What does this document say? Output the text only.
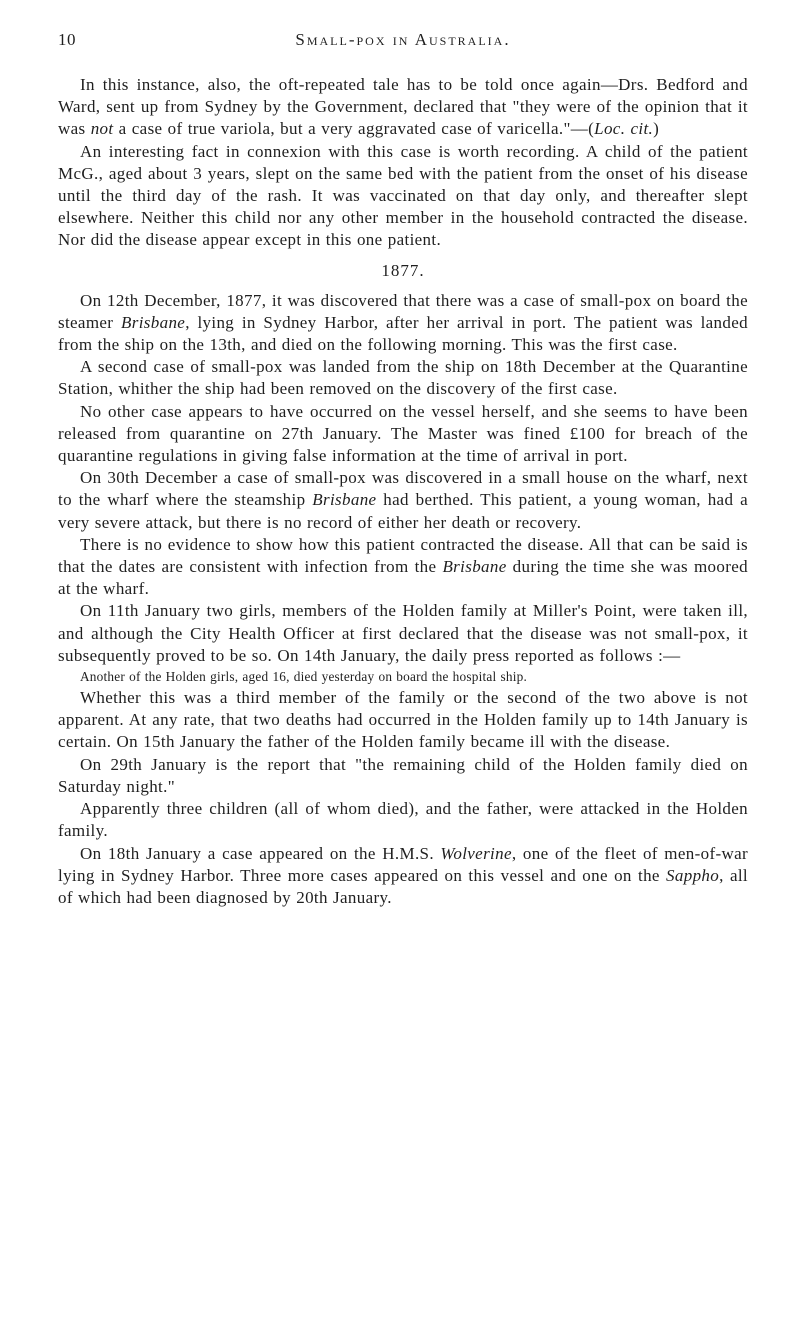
10	Small-pox in Australia.

In this instance, also, the oft-repeated tale has to be told once again—Drs. Bedford and Ward, sent up from Sydney by the Government, declared that "they were of the opinion that it was not a case of true variola, but a very aggravated case of varicella."—(Loc. cit.)

An interesting fact in connexion with this case is worth recording. A child of the patient McG., aged about 3 years, slept on the same bed with the patient from the onset of his disease until the third day of the rash. It was vaccinated on that day only, and thereafter slept elsewhere. Neither this child nor any other member in the household contracted the disease. Nor did the disease appear except in this one patient.

1877.

On 12th December, 1877, it was discovered that there was a case of small-pox on board the steamer Brisbane, lying in Sydney Harbor, after her arrival in port. The patient was landed from the ship on the 13th, and died on the following morning. This was the first case.

A second case of small-pox was landed from the ship on 18th December at the Quarantine Station, whither the ship had been removed on the discovery of the first case.

No other case appears to have occurred on the vessel herself, and she seems to have been released from quarantine on 27th January. The Master was fined £100 for breach of the quarantine regulations in giving false information at the time of arrival in port.

On 30th December a case of small-pox was discovered in a small house on the wharf, next to the wharf where the steamship Brisbane had berthed. This patient, a young woman, had a very severe attack, but there is no record of either her death or recovery.

There is no evidence to show how this patient contracted the disease. All that can be said is that the dates are consistent with infection from the Brisbane during the time she was moored at the wharf.

On 11th January two girls, members of the Holden family at Miller's Point, were taken ill, and although the City Health Officer at first declared that the disease was not small-pox, it subsequently proved to be so. On 14th January, the daily press reported as follows :—

Another of the Holden girls, aged 16, died yesterday on board the hospital ship.

Whether this was a third member of the family or the second of the two above is not apparent. At any rate, that two deaths had occurred in the Holden family up to 14th January is certain. On 15th January the father of the Holden family became ill with the disease.

On 29th January is the report that "the remaining child of the Holden family died on Saturday night."

Apparently three children (all of whom died), and the father, were attacked in the Holden family.

On 18th January a case appeared on the H.M.S. Wolverine, one of the fleet of men-of-war lying in Sydney Harbor. Three more cases appeared on this vessel and one on the Sappho, all of which had been diagnosed by 20th January.
